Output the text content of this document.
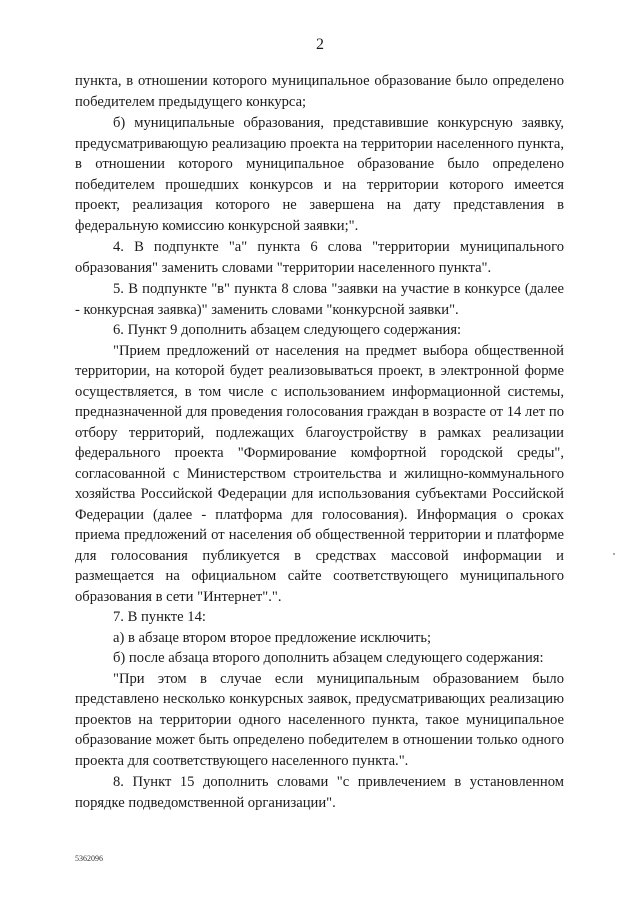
2

пункта, в отношении которого муниципальное образование было определено победителем предыдущего конкурса;

б) муниципальные образования, представившие конкурсную заявку, предусматривающую реализацию проекта на территории населенного пункта, в отношении которого муниципальное образование было определено победителем прошедших конкурсов и на территории которого имеется проект, реализация которого не завершена на дату представления в федеральную комиссию конкурсной заявки;".

4. В подпункте "а" пункта 6 слова "территории муниципального образования" заменить словами "территории населенного пункта".

5. В подпункте "в" пункта 8 слова "заявки на участие в конкурсе (далее - конкурсная заявка)" заменить словами "конкурсной заявки".

6. Пункт 9 дополнить абзацем следующего содержания:

"Прием предложений от населения на предмет выбора общественной территории, на которой будет реализовываться проект, в электронной форме осуществляется, в том числе с использованием информационной системы, предназначенной для проведения голосования граждан в возрасте от 14 лет по отбору территорий, подлежащих благоустройству в рамках реализации федерального проекта "Формирование комфортной городской среды", согласованной с Министерством строительства и жилищно-коммунального хозяйства Российской Федерации для использования субъектами Российской Федерации (далее - платформа для голосования). Информация о сроках приема предложений от населения об общественной территории и платформе для голосования публикуется в средствах массовой информации и размещается на официальном сайте соответствующего муниципального образования в сети "Интернет".".

7. В пункте 14:

а) в абзаце втором второе предложение исключить;

б) после абзаца второго дополнить абзацем следующего содержания:

"При этом в случае если муниципальным образованием было представлено несколько конкурсных заявок, предусматривающих реализацию проектов на территории одного населенного пункта, такое муниципальное образование может быть определено победителем в отношении только одного проекта для соответствующего населенного пункта.".

8. Пункт 15 дополнить словами "с привлечением в установленном порядке подведомственной организации".

5362096
